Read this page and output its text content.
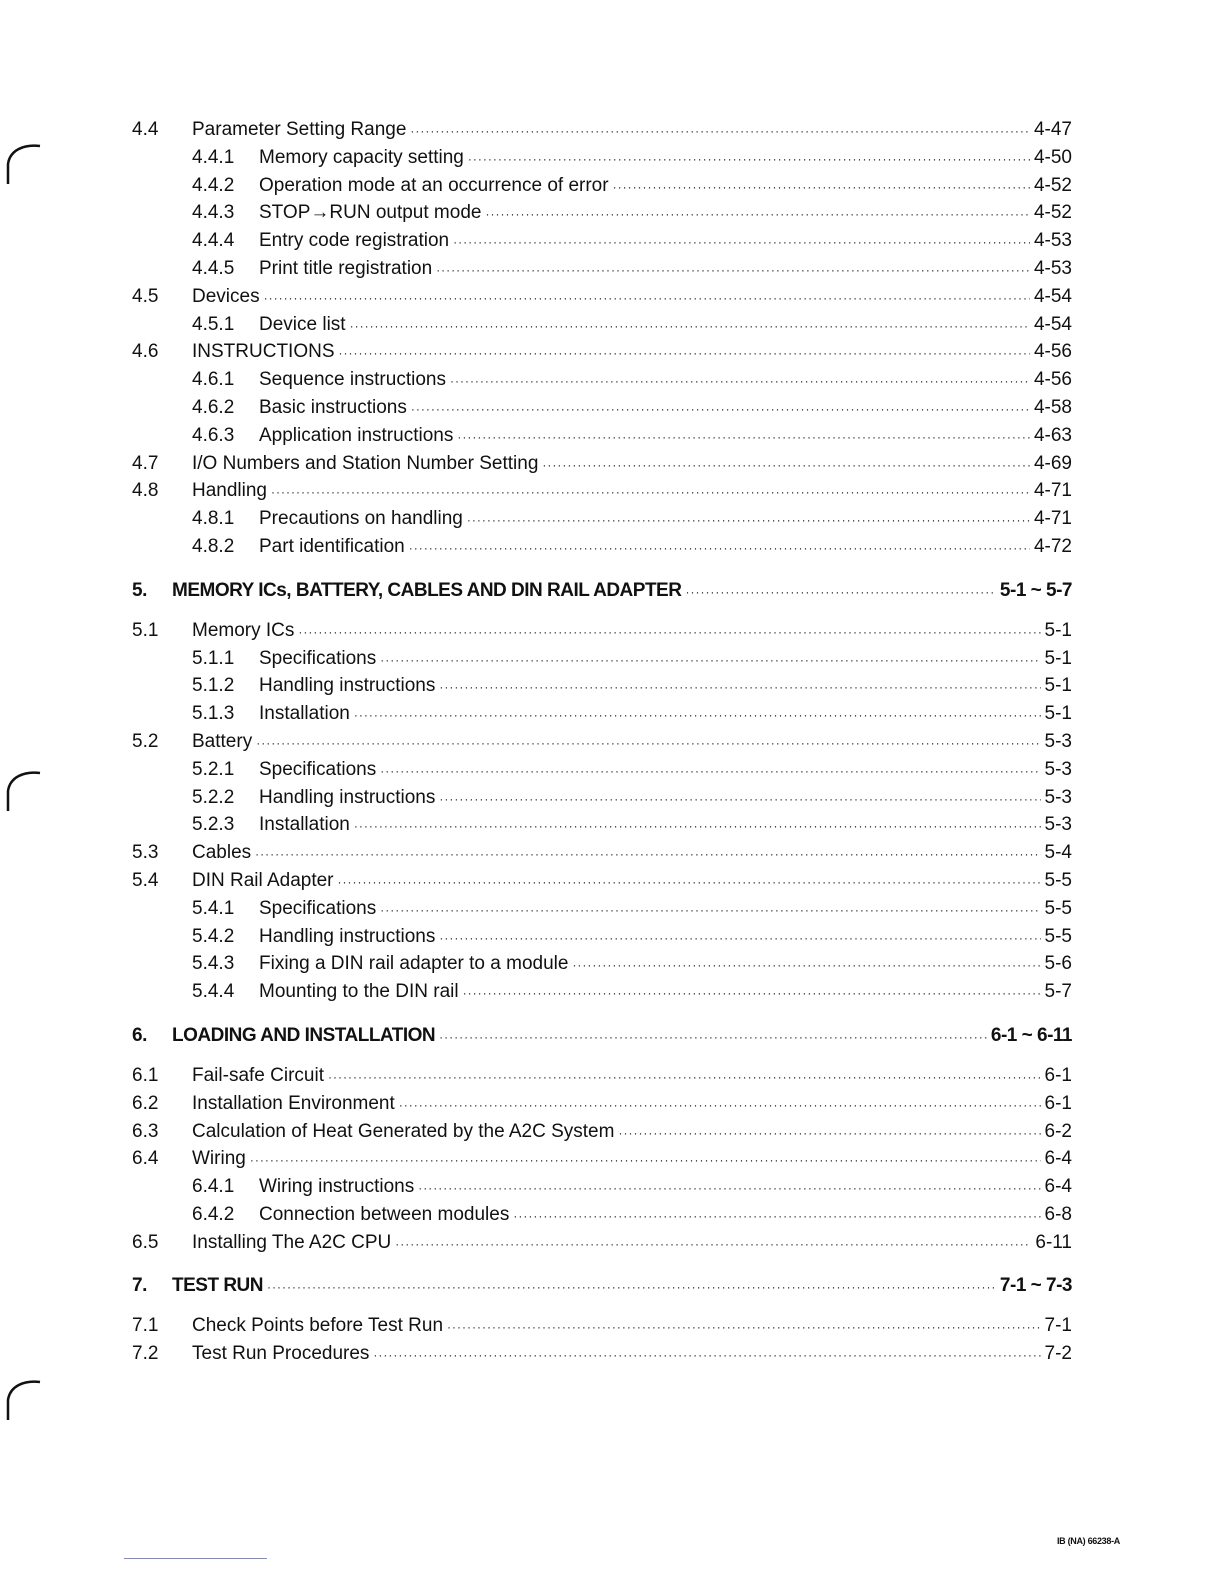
4.4	Parameter Setting Range ·····	4-47
4.4.1	Memory capacity setting ·····	4-50
4.4.2	Operation mode at an occurrence of error ·····	4-52
4.4.3	STOP→RUN output mode ·····	4-52
4.4.4	Entry code registration ·····	4-53
4.4.5	Print title registration ·····	4-53
4.5	Devices ·····	4-54
4.5.1	Device list ·····	4-54
4.6	INSTRUCTIONS ·····	4-56
4.6.1	Sequence instructions ·····	4-56
4.6.2	Basic instructions ·····	4-58
4.6.3	Application instructions ·····	4-63
4.7	I/O Numbers and Station Number Setting ·····	4-69
4.8	Handling ·····	4-71
4.8.1	Precautions on handling ·····	4-71
4.8.2	Part identification ·····	4-72
5.	MEMORY ICs, BATTERY, CABLES AND DIN RAIL ADAPTER ·····	5-1 ~ 5-7
5.1	Memory ICs ·····	5-1
5.1.1	Specifications ·····	5-1
5.1.2	Handling instructions ·····	5-1
5.1.3	Installation ·····	5-1
5.2	Battery ·····	5-3
5.2.1	Specifications ·····	5-3
5.2.2	Handling instructions ·····	5-3
5.2.3	Installation ·····	5-3
5.3	Cables ·····	5-4
5.4	DIN Rail Adapter ·····	5-5
5.4.1	Specifications ·····	5-5
5.4.2	Handling instructions ·····	5-5
5.4.3	Fixing a DIN rail adapter to a module ·····	5-6
5.4.4	Mounting to the DIN rail ·····	5-7
6.	LOADING AND INSTALLATION ·····	6-1 ~ 6-11
6.1	Fail-safe Circuit ·····	6-1
6.2	Installation Environment ·····	6-1
6.3	Calculation of Heat Generated by the A2C System ·····	6-2
6.4	Wiring ·····	6-4
6.4.1	Wiring instructions ·····	6-4
6.4.2	Connection between modules ·····	6-8
6.5	Installing The A2C CPU ·····	6-11
7.	TEST RUN ·····	7-1 ~ 7-3
7.1	Check Points before Test Run ·····	7-1
7.2	Test Run Procedures ·····	7-2
IB (NA) 66238-A
